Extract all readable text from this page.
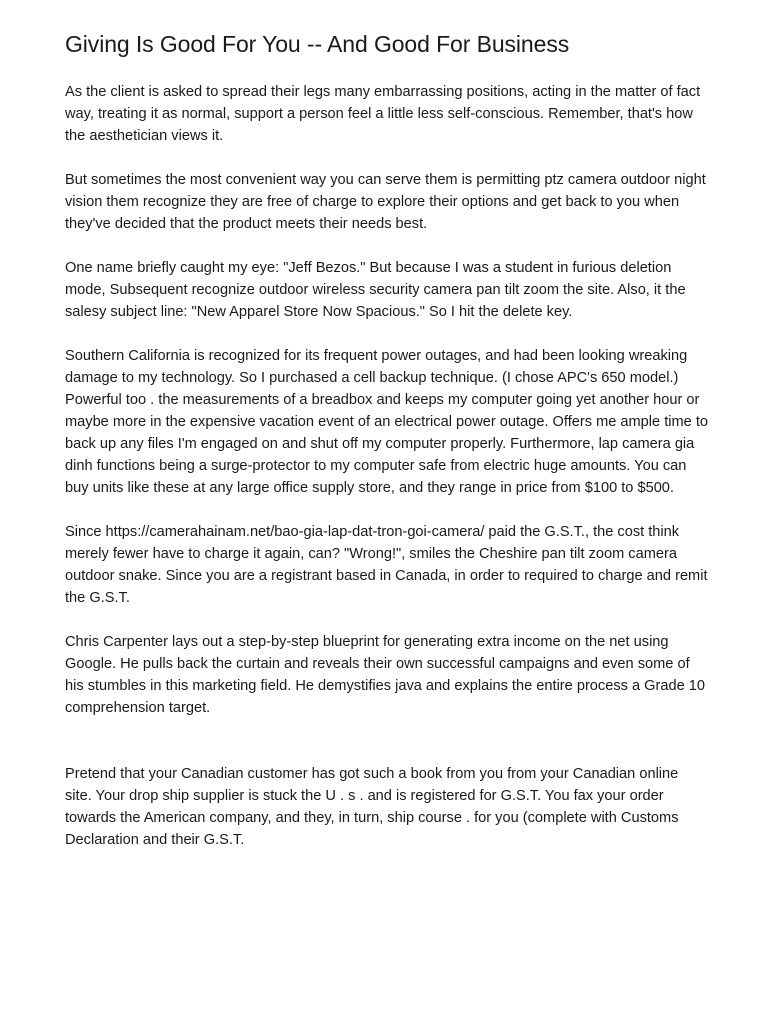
Giving Is Good For You -- And Good For Business

As the client is asked to spread their legs many embarrassing positions, acting in the matter of fact way, treating it as normal, support a person feel a little less self-conscious. Remember, that's how the aesthetician views it.

But sometimes the most convenient way you can serve them is permitting ptz camera outdoor night vision them recognize they are free of charge to explore their options and get back to you when they've decided that the product meets their needs best.

One name briefly caught my eye: "Jeff Bezos." But because I was a student in furious deletion mode, Subsequent recognize outdoor wireless security camera pan tilt zoom the site. Also, it the salesy subject line: "New Apparel Store Now Spacious." So I hit the delete key.

Southern California is recognized for its frequent power outages, and had been looking wreaking damage to my technology. So I purchased a cell backup technique. (I chose APC's 650 model.) Powerful too . the measurements of a breadbox and keeps my computer going yet another hour or maybe more in the expensive vacation event of an electrical power outage. Offers me ample time to back up any files I'm engaged on and shut off my computer properly. Furthermore, lap camera gia dinh functions being a surge-protector to my computer safe from electric huge amounts. You can buy units like these at any large office supply store, and they range in price from $100 to $500.

Since https://camerahainam.net/bao-gia-lap-dat-tron-goi-camera/ paid the G.S.T., the cost think merely fewer have to charge it again, can? "Wrong!", smiles the Cheshire pan tilt zoom camera outdoor snake. Since you are a registrant based in Canada, in order to required to charge and remit the G.S.T.

Chris Carpenter lays out a step-by-step blueprint for generating extra income on the net using Google. He pulls back the curtain and reveals their own successful campaigns and even some of his stumbles in this marketing field. He demystifies java and explains the entire process a Grade 10 comprehension target.

Pretend that your Canadian customer has got such a book from you from your Canadian online site. Your drop ship supplier is stuck the U . s . and is registered for G.S.T. You fax your order towards the American company, and they, in turn, ship course . for you (complete with Customs Declaration and their G.S.T.
